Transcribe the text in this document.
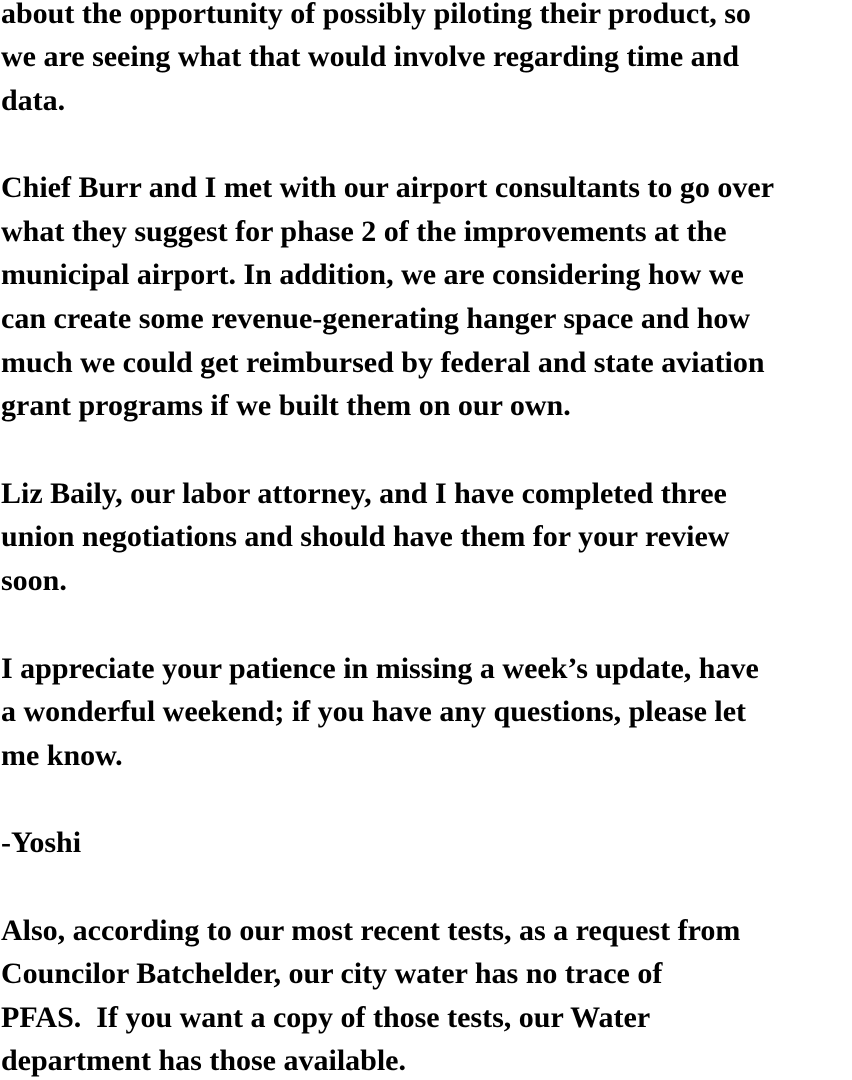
about the opportunity of possibly piloting their product, so

we are seeing what that would involve regarding time and

data.

Chief Burr and I met with our airport consultants to go over

what they suggest for phase 2 of the improvements at the

municipal airport. In addition, we are considering how we

can create some revenue-generating hanger space and how

much we could get reimbursed by federal and state aviation

grant programs if we built them on our own.

Liz Baily, our labor attorney, and I have completed three

union negotiations and should have them for your review

soon.

I appreciate your patience in missing a week’s update, have

a wonderful weekend; if you have any questions, please let

me know.

-Yoshi

Also, according to our most recent tests, as a request from

Councilor Batchelder, our city water has no trace of

PFAS.  If you want a copy of those tests, our Water

department has those available.
